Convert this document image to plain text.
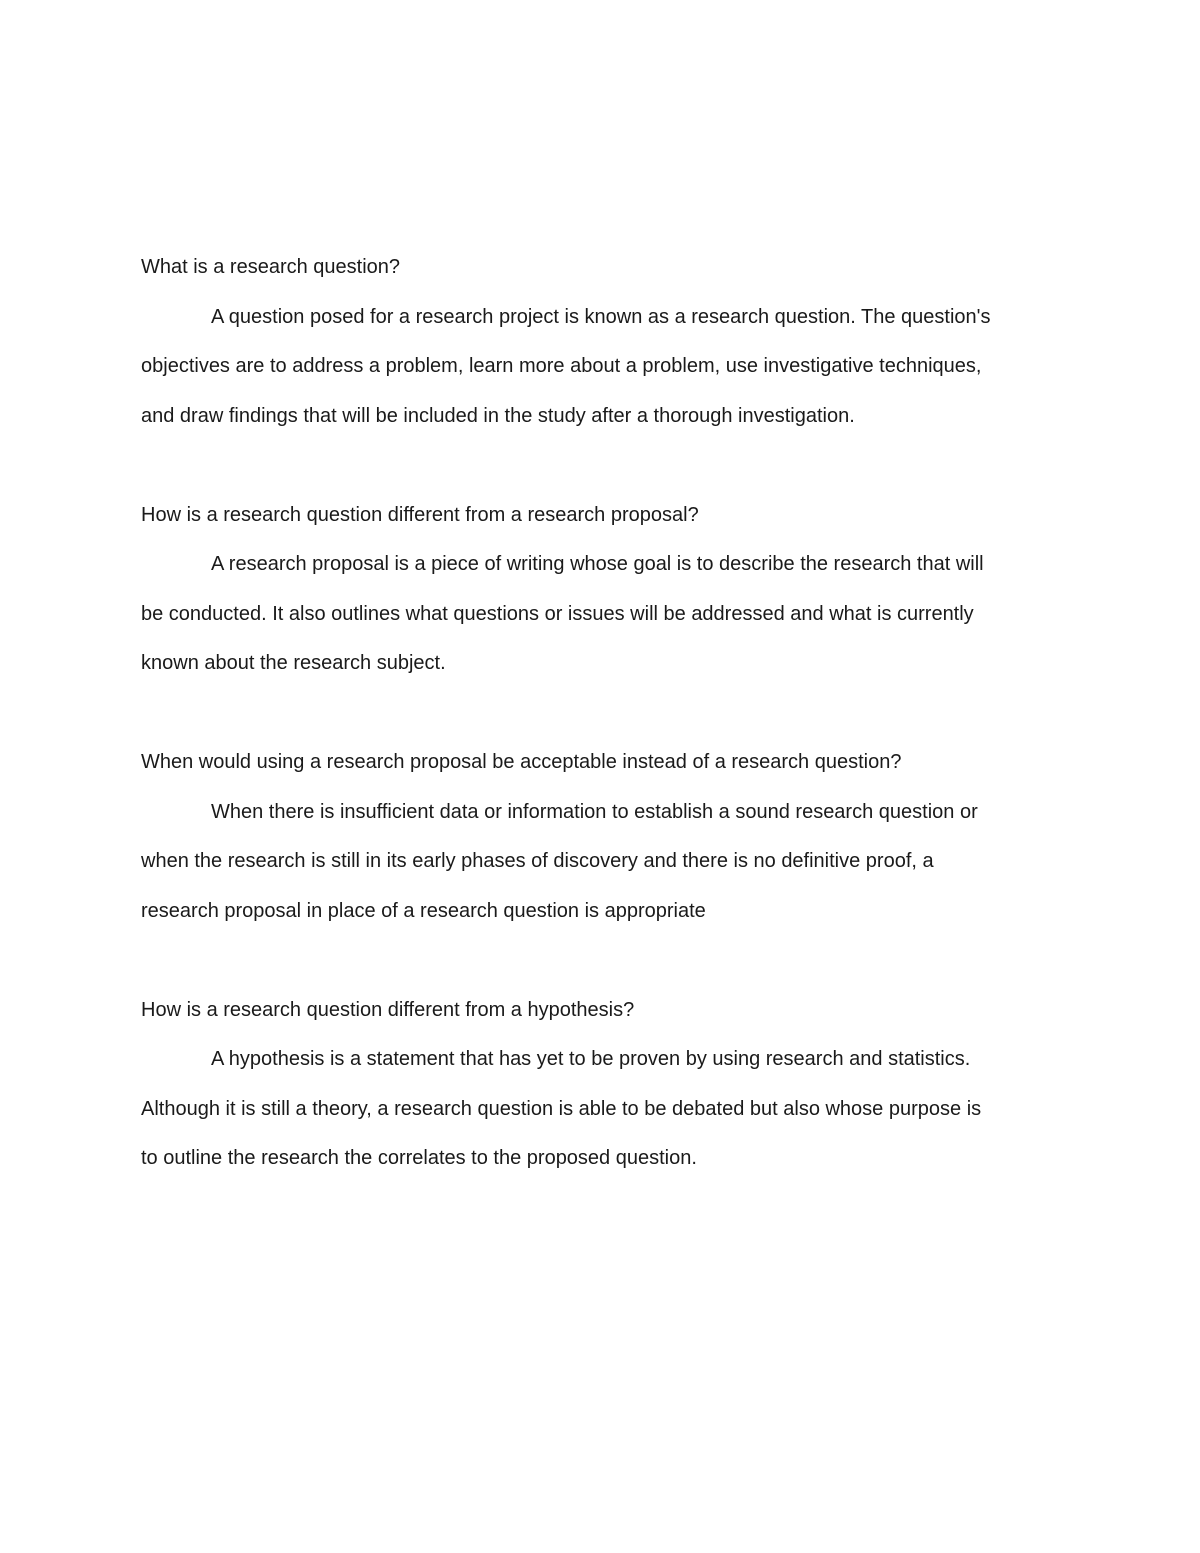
What is a research question?

A question posed for a research project is known as a research question. The question's
objectives are to address a problem, learn more about a problem, use investigative techniques,
and draw findings that will be included in the study after a thorough investigation.

How is a research question different from a research proposal?

A research proposal is a piece of writing whose goal is to describe the research that will
be conducted. It also outlines what questions or issues will be addressed and what is currently
known about the research subject.

When would using a research proposal be acceptable instead of a research question?

When there is insufficient data or information to establish a sound research question or
when the research is still in its early phases of discovery and there is no definitive proof, a
research proposal in place of a research question is appropriate

How is a research question different from a hypothesis?

A hypothesis is a statement that has yet to be proven by using research and statistics.
Although it is still a theory, a research question is able to be debated but also whose purpose is
to outline the research the correlates to the proposed question.
